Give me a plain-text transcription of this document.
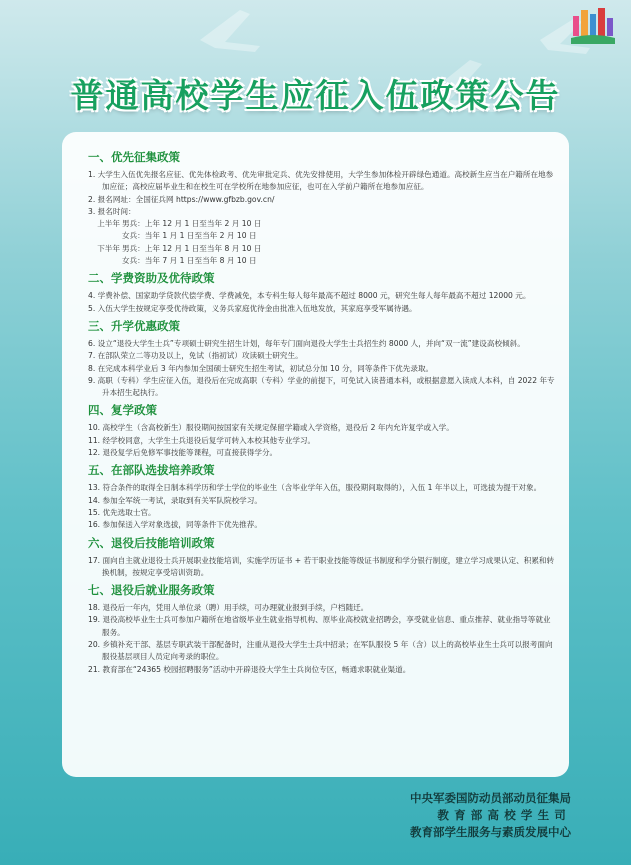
普通高校学生应征入伍政策公告
一、优先征集政策
1. 大学生入伍优先报名应征、优先体检政考、优先审批定兵、优先安排使用，大学生参加体检开辟绿色通道。高校新生应当在户籍所在地参加应征；高校应届毕业生和在校生可在学校所在地参加应征，也可在入学前户籍所在地参加应征。
2. 报名网址：全国征兵网 https://www.gfbzb.gov.cn/
3. 报名时间：
上半年 男兵：上年 12 月 1 日至当年 2 月 10 日
女兵：当年 1 月 1 日至当年 2 月 10 日
下半年 男兵：上年 12 月 1 日至当年 8 月 10 日
女兵：当年 7 月 1 日至当年 8 月 10 日
二、学费资助及优待政策
4. 学费补偿、国家助学贷款代偿学费、学费减免，本专科生每人每年最高不超过 8000 元，研究生每人每年最高不超过 12000 元。
5. 入伍大学生按规定享受优待政策，义务兵家庭优待金由批准入伍地发放，其家庭享受军属待遇。
三、升学优惠政策
6. 设立“退役大学生士兵”专项硕士研究生招生计划，每年专门面向退役大学生士兵招生约 8000 人，并向“双一流”建设高校倾斜。
7. 在部队荣立二等功及以上，免试（指初试）攻读硕士研究生。
8. 在完成本科学业后 3 年内参加全国硕士研究生招生考试，初试总分加 10 分，同等条件下优先录取。
9. 高职（专科）学生应征入伍，退役后在完成高职（专科）学业的前提下，可免试入读普通本科，或根据意愿入读成人本科，自 2022 年专升本招生起执行。
四、复学政策
10. 高校学生（含高校新生）服役期间按国家有关规定保留学籍或入学资格，退役后 2 年内允许复学或入学。
11. 经学校同意，大学生士兵退役后复学可转入本校其他专业学习。
12. 退役复学后免修军事技能等课程，可直接获得学分。
五、在部队选拔培养政策
13. 符合条件的取得全日制本科学历和学士学位的毕业生（含毕业学年入伍，服役期间取得的），入伍 1 年半以上，可选拔为提干对象。
14. 参加全军统一考试，录取到有关军队院校学习。
15. 优先选取士官。
16. 参加保送入学对象选拔，同等条件下优先推荐。
六、退役后技能培训政策
17. 面向自主就业退役士兵开展职业技能培训，实施学历证书 + 若干职业技能等级证书制度和学分银行制度，建立学习成果认定、积累和转换机制，按规定享受培训资助。
七、退役后就业服务政策
18. 退役后一年内，凭用人单位录（聘）用手续，可办理就业报到手续，户档随迁。
19. 退役高校毕业生士兵可参加户籍所在地省级毕业生就业指导机构、原毕业高校就业招聘会，享受就业信息、重点推荐、就业指导等就业服务。
20. 乡镇补充干部、基层专职武装干部配备时，注重从退役大学生士兵中招录；在军队服役 5 年（含）以上的高校毕业生士兵可以报考面向服役基层项目人员定向考录的职位。
21. 教育部在“24365 校园招聘服务”活动中开辟退役大学生士兵岗位专区，畅通求职就业渠道。
中央军委国防动员部动员征集局
教育部高校学生司
教育部学生服务与素质发展中心
